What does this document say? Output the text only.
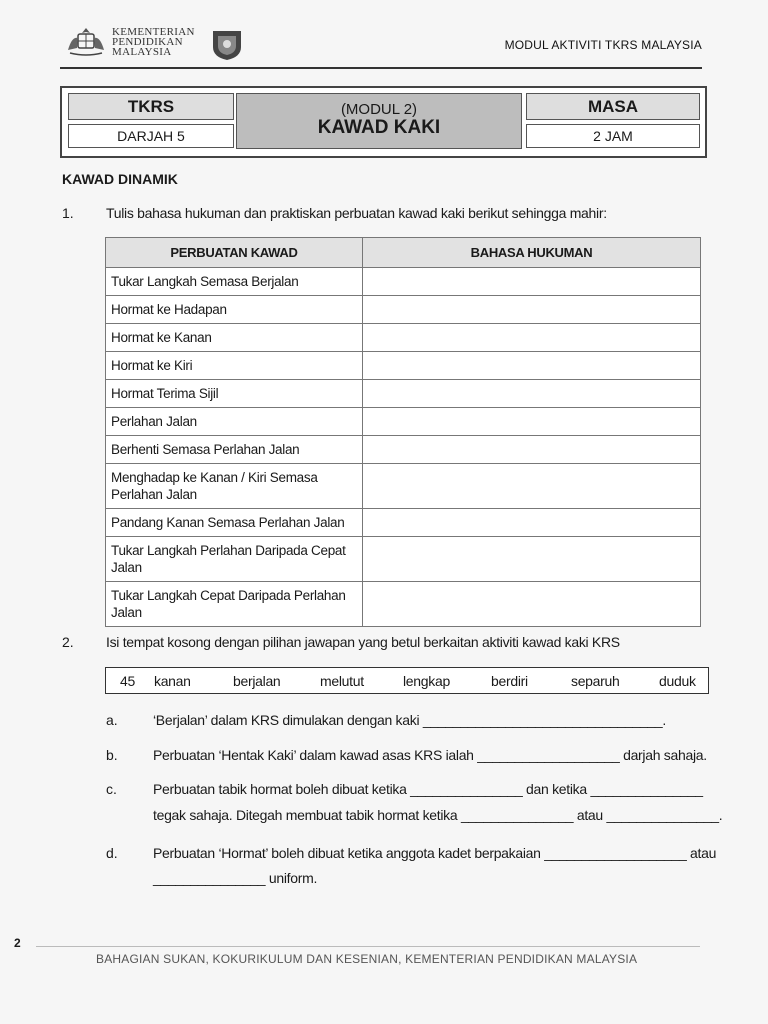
KEMENTERIAN
PENDIDIKAN
MALAYSIA	MODUL AKTIVITI TKRS MALAYSIA
TKRS
DARJAH 5
(MODUL 2)
KAWAD KAKI
MASA
2 JAM
KAWAD DINAMIK
1. Tulis bahasa hukuman dan praktiskan perbuatan kawad kaki berikut sehingga mahir:
PERBUATAN KAWAD	BAHASA HUKUMAN
Tukar Langkah Semasa Berjalan	
Hormat ke Hadapan	
Hormat ke Kanan	
Hormat ke Kiri	
Hormat Terima Sijil	
Perlahan Jalan	
Berhenti Semasa Perlahan Jalan	
Menghadap ke Kanan / Kiri Semasa Perlahan Jalan	
Pandang Kanan Semasa Perlahan Jalan	
Tukar Langkah Perlahan Daripada Cepat Jalan	
Tukar Langkah Cepat Daripada Perlahan Jalan	
2. Isi tempat kosong dengan pilihan jawapan yang betul berkaitan aktiviti kawad kaki KRS
45 kanan	berjalan	melutut	lengkap	berdiri	separuh	duduk
a.	‘Berjalan’ dalam KRS dimulakan dengan kaki ________________________________.
b.	Perbuatan ‘Hentak Kaki’ dalam kawad asas KRS ialah ___________________ darjah sahaja.
c.	Perbuatan tabik hormat boleh dibuat ketika _______________ dan ketika _______________
tegak sahaja. Ditegah membuat tabik hormat ketika _______________ atau _______________.
d.	Perbuatan ‘Hormat’ boleh dibuat ketika anggota kadet berpakaian ___________________ atau
_______________ uniform.
2
BAHAGIAN SUKAN, KOKURIKULUM DAN KESENIAN, KEMENTERIAN PENDIDIKAN MALAYSIA
